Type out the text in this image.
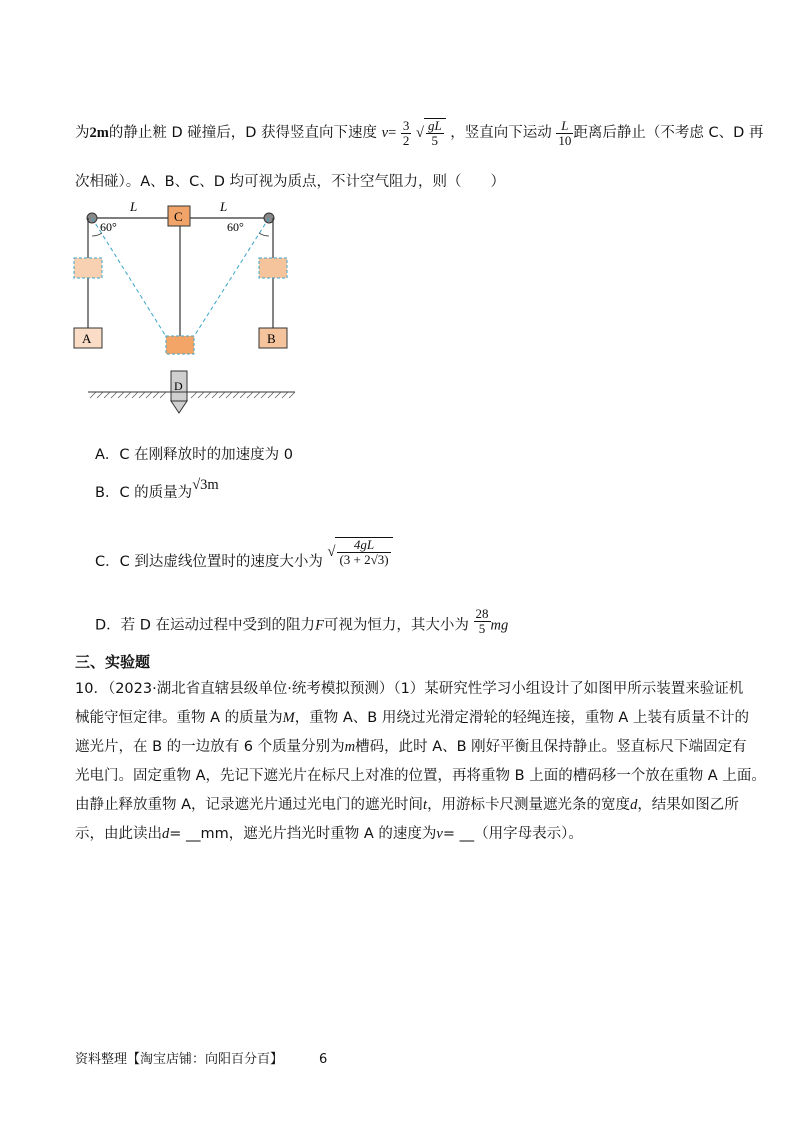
为2m的静止粧 D 碰撞后，D 获得竖直向下速度 $v= \frac{3}{2}$ √ $\frac{gL}{5}$ ，竖直向下运动 $\frac{L}{10}$ 距离后静止（不考虑 C、D 再
次相碰）。A、B、C、D 均可视为质点，不计空气阻力，则（　　）
60°	60°
L	L
C
A	B
D
A．C 在刚释放时的加速度为 0
B．C 的质量为√3m
C．C 到达虚线位置时的速度大小为 √ $\frac{4gL}{(3 + 2√3)}$
D．若 D 在运动过程中受到的阻力F可视为恒力，其大小为 $\frac{28}{5}$ mg
三、实验题
10．（2023·湖北省直辖县级单位·统考模拟预测）（1）某研究性学习小组设计了如图甲所示装置来验证机
械能守恒定律。重物 A 的质量为M，重物 A、B 用绕过光滑定滑轮的轻绳连接，重物 A 上装有质量不计的
遮光片，在 B 的一边放有 6 个质量分别为m槽码，此时 A、B 刚好平衡且保持静止。竖直标尺下端固定有
光电门。固定重物 A，先记下遮光片在标尺上对准的位置，再将重物 B 上面的槽码移一个放在重物 A 上面。
由静止释放重物 A，记录遮光片通过光电门的遮光时间t，用游标卡尺测量遮光条的宽度d，结果如图乙所
示，由此读出d= __mm，遮光片挡光时重物 A 的速度为v= __（用字母表示）。
资料整理【淘宝店铺：向阳百分百】	6
